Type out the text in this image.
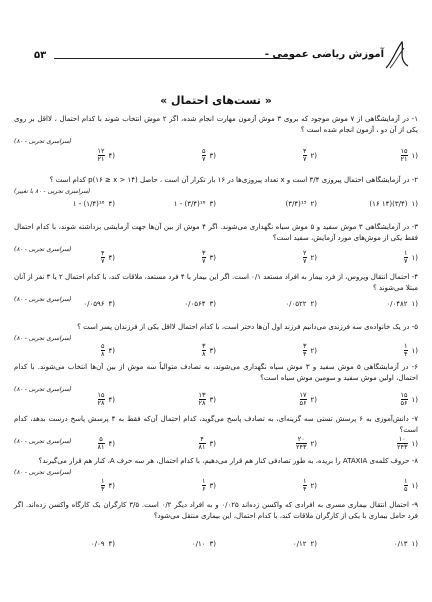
۵۳	آموزش ریاضی عمومی -
« تست‌های احتمال »
۱- در آزمایشگاهی از ۷ موش موجود که بروی ۳ موش آزمون مهارت انجام شده، اگر ۲ موش انتخاب شوند با کدام احتمال ، لااقل بر روی یکی از آن دو ، آزمون انجام شده است ؟
(سراسری تجربی - ۸۰)
۱)
$\frac{۱۵}{۲۱}$
۲)
$\frac{۴}{۷}$
۳)
$\frac{۵}{۷}$
۴)
$\frac{۱۲}{۲۱}$
۲- در آزمایشگاهی احتمال پیروزی ۳/۴ است و x تعداد پیروزی‌ها در ۱۶ بار تکرار آن است ، حاصل p(۱۶ ≥ x > ۱۴) کدام است ؟
(سراسری تجربی - ۸۰ با تغییر)
۱)
(۱۶ ۱۴)(۳/۴)
۲)
(۳/۴)¹⁵
۳)
۱ - (۳/۴)¹⁶
۴)
۱ - (۱/۴)¹⁶
۳- در آزمایشگاهی ۳ موش سفید و ۵ موش سیاه نگهداری می‌شوند. اگر ۴ موش از بین آن‌ها جهت آزمایشی برداشته شوند، با کدام احتمال فقط یکی از موش‌های مورد آزمایش، سفید است؟
(سراسری تجربی - ۸۰)
۱)
$\frac{۱}{۷}$
۲)
$\frac{۲}{۷}$
۳)
$\frac{۳}{۷}$
۴)
$\frac{۴}{۷}$
۴- احتمال انتقال ویروس، از فرد بیمار به افراد مستعد ۰/۱ است. اگر این بیمار با ۴ فرد مستعد، ملاقات کند، با کدام احتمال ۲ یا ۳ نفر از آنان مبتلا می‌شوند ؟
(سراسری تجربی - ۸۰)
۱)
۰/۰۴۸۲
۲)
۰/۰۵۲۲
۳)
۰/۰۵۶۴
۴)
۰/۰۵۹۶
۵- در یک خانواده‌ی سه فرزندی می‌دانیم فرزند اول آن‌ها دختر است، با کدام احتمال لااقل یکی از فرزندان پسر است ؟
(سراسری تجربی - ۸۰)
۱)
$\frac{۱}{۴}$
۲)
$\frac{۳}{۴}$
۳)
$\frac{۳}{۸}$
۴)
$\frac{۵}{۸}$
۶- در آزمایشگاهی ۵ موش سفید و ۳ موش سیاه نگهداری می‌شوند، به تصادف متوالیاً سه موش از بین آن‌ها انتخاب می‌شوند. با کدام احتمال، اولین موش سفید و سومین موش سیاه است؟
(سراسری تجربی - ۸۰)
۱)
$\frac{۱۵}{۵۶}$
۲)
$\frac{۱۷}{۵۶}$
۳)
$\frac{۱۳}{۲۸}$
۴)
$\frac{۱۵}{۲۸}$
۷- دانش‌آموزی به ۶ پرسش تستی سه گزینه‌ای، به تصادف پاسخ می‌گوید، کدام احتمال آن‌که فقط به ۴ پرسش پاسخ درست بدهد، کدام است؟
(سراسری تجربی - ۸۰)	۱)
$\frac{۱۰}{۲۴۳}$
۲)
$\frac{۲۰}{۲۴۳}$
۳)
$\frac{۴}{۸۱}$
۴)
$\frac{۵}{۸۱}$
۸- حروف کلمه‌ی ATAXIA را بریده، به طور تصادفی کنار هم قرار می‌دهیم، با کدام احتمال، هر سه حرف A، کنار هم قرار می‌گیرند؟
(سراسری تجربی - ۸۰)
۱)
$\frac{۱}{۵}$
۲)
$\frac{۱}{۴}$
۳)
$\frac{۱}{۶}$
۴)
$\frac{۱}{۳}$
۹- احتمال انتقال بیماری مسری به افرادی که واکسن زده‌اند ۰/۰۲۵ و به افراد دیگر ۰/۲ است. ۳/۵ کارگران یک کارگاه واکسن زده‌اند. اگر فرد حامل بیماری با یکی از کارگران ملاقات کند، با کدام احتمال، این بیماری منتقل می‌شود؟
۱)
۰/۱۳
۲)
۰/۱۲
۳)
۰/۱۰
۴)
۰/۰۹
